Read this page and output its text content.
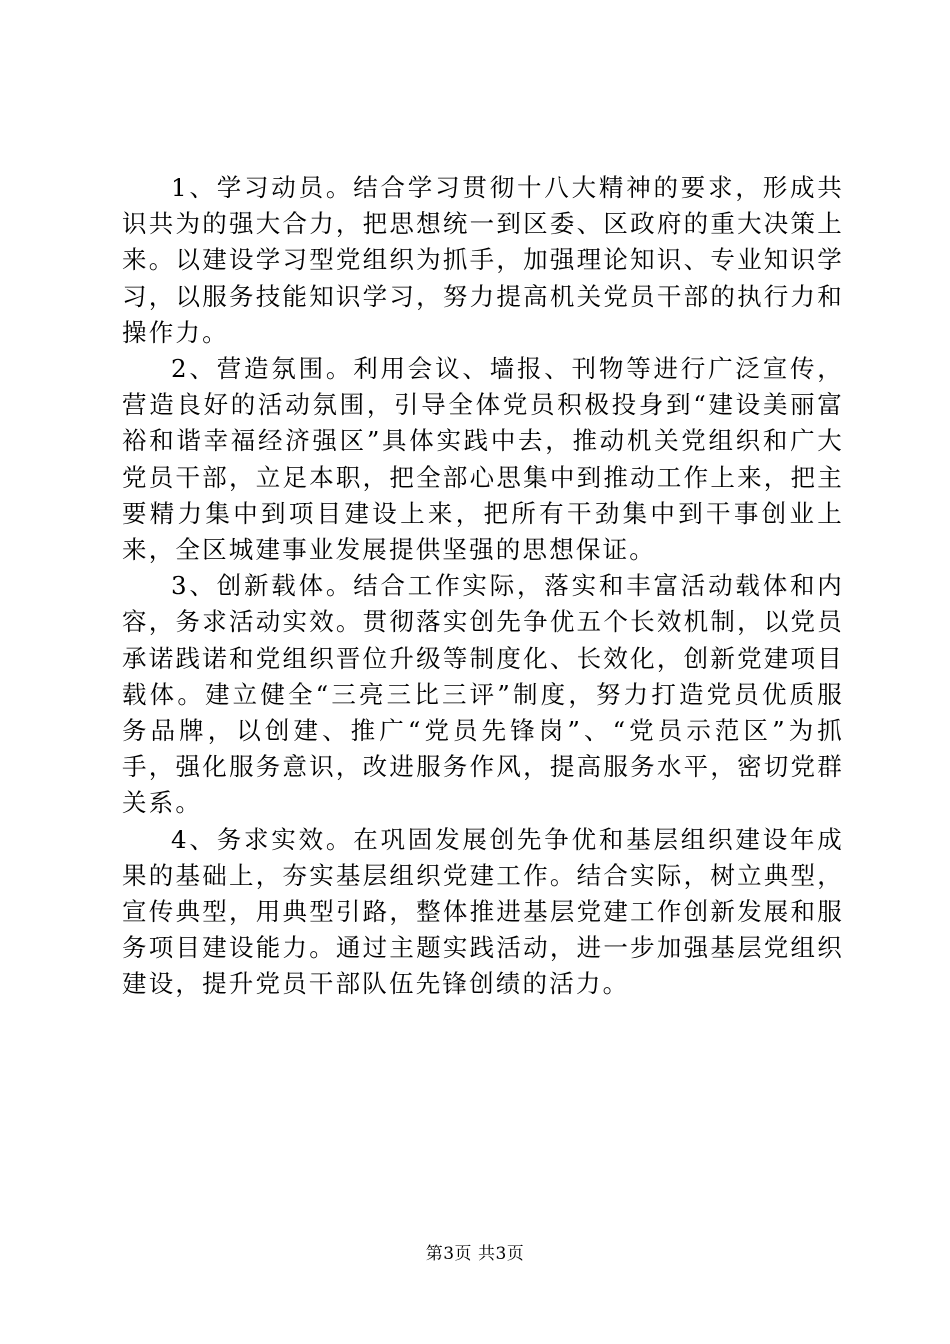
1、学习动员。结合学习贯彻十八大精神的要求，形成共识共为的强大合力，把思想统一到区委、区政府的重大决策上来。以建设学习型党组织为抓手，加强理论知识、专业知识学习，以服务技能知识学习，努力提高机关党员干部的执行力和操作力。

2、营造氛围。利用会议、墙报、刊物等进行广泛宣传，营造良好的活动氛围，引导全体党员积极投身到“建设美丽富裕和谐幸福经济强区”具体实践中去，推动机关党组织和广大党员干部，立足本职，把全部心思集中到推动工作上来，把主要精力集中到项目建设上来，把所有干劲集中到干事创业上来，全区城建事业发展提供坚强的思想保证。

3、创新载体。结合工作实际，落实和丰富活动载体和内容，务求活动实效。贯彻落实创先争优五个长效机制，以党员承诺践诺和党组织晋位升级等制度化、长效化，创新党建项目载体。建立健全“三亮三比三评”制度，努力打造党员优质服务品牌，以创建、推广“党员先锋岗”、“党员示范区”为抓手，强化服务意识，改进服务作风，提高服务水平，密切党群关系。

4、务求实效。在巩固发展创先争优和基层组织建设年成果的基础上，夯实基层组织党建工作。结合实际，树立典型，宣传典型，用典型引路，整体推进基层党建工作创新发展和服务项目建设能力。通过主题实践活动，进一步加强基层党组织建设，提升党员干部队伍先锋创绩的活力。

第3页 共3页
